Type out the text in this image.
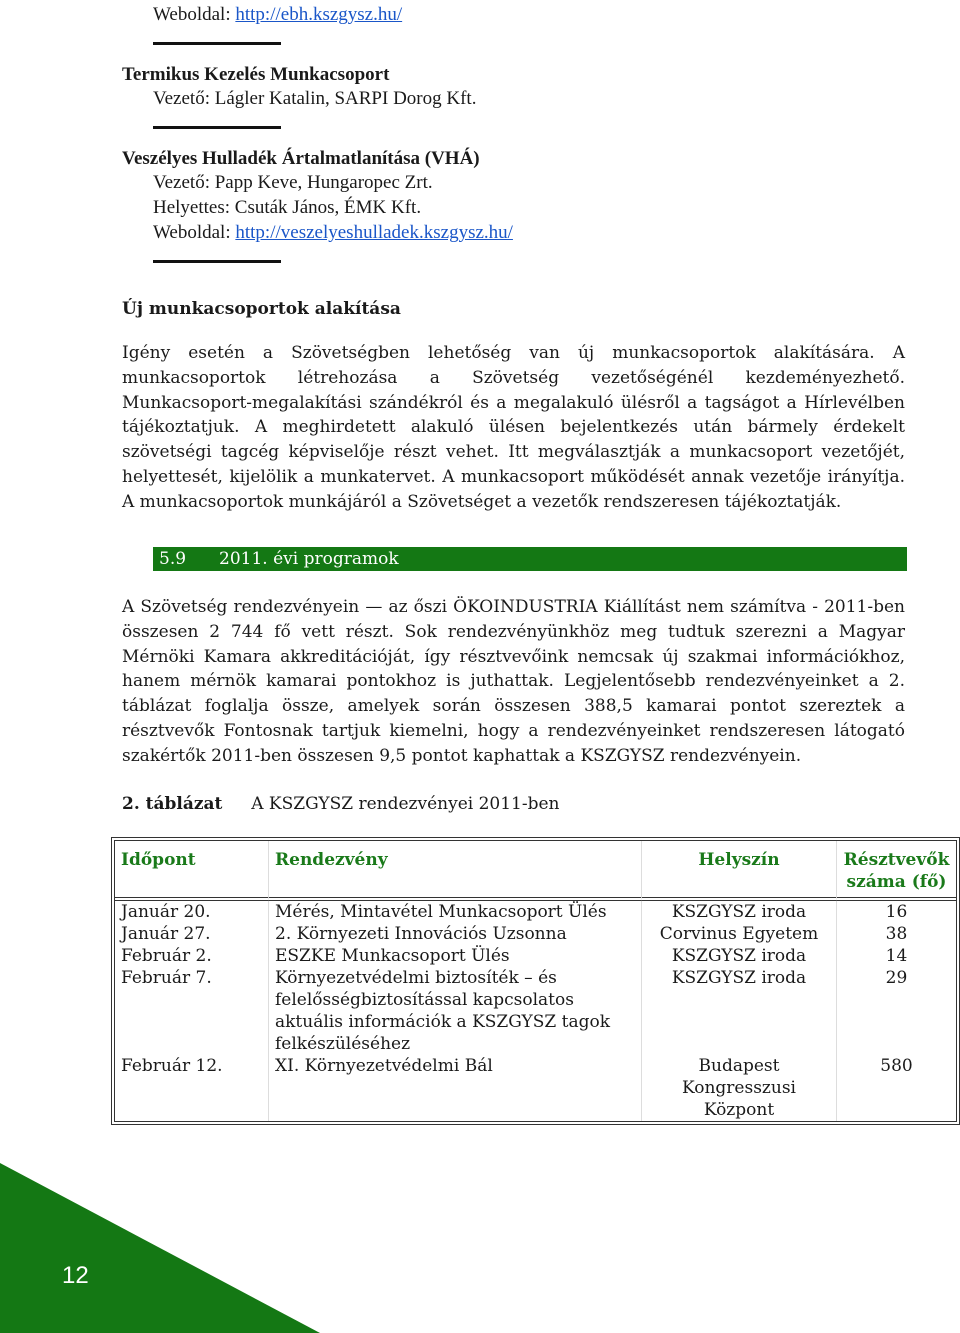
Weboldal: http://ebh.kszgysz.hu/
Termikus Kezelés Munkacsoport
Vezető: Lágler Katalin, SARPI Dorog Kft.
Veszélyes Hulladék Ártalmatlanítása (VHÁ)
Vezető: Papp Keve, Hungaropec Zrt.
Helyettes: Csuták János, ÉMK Kft.
Weboldal: http://veszelyeshulladek.kszgysz.hu/
Új munkacsoportok alakítása
Igény esetén a Szövetségben lehetőség van új munkacsoportok alakítására. A munkacsoportok létrehozása a Szövetség vezetőségénél kezdeményezhető. Munkacsoport-megalakítási szándékról és a megalakuló ülésről a tagságot a Hírlevélben tájékoztatjuk. A meghirdetett alakuló ülésen bejelentkezés után bármely érdekelt szövetségi tagcég képviselője részt vehet. Itt megválasztják a munkacsoport vezetőjét, helyettesét, kijelölik a munkatervet. A munkacsoport működését annak vezetője irányítja. A munkacsoportok munkájáról a Szövetséget a vezetők rendszeresen tájékoztatják.
5.9 2011. évi programok
A Szövetség rendezvényein — az őszi ÖKOINDUSTRIA Kiállítást nem számítva - 2011-ben összesen 2 744 fő vett részt. Sok rendezvényünkhöz meg tudtuk szerezni a Magyar Mérnöki Kamara akkreditációját, így résztvevőink nemcsak új szakmai információkhoz, hanem mérnök kamarai pontokhoz is juthattak. Legjelentősebb rendezvényeinket a 2. táblázat foglalja össze, amelyek során összesen 388,5 kamarai pontot szereztek a résztvevők Fontosnak tartjuk kiemelni, hogy a rendezvényeinket rendszeresen látogató szakértők 2011-ben összesen 9,5 pontot kaphattak a KSZGYSZ rendezvényein.
2. táblázat A KSZGYSZ rendezvényei 2011-ben
Időpont	Rendezvény	Helyszín	Résztvevők száma (fő)
Január 20.	Mérés, Mintavétel Munkacsoport Ülés	KSZGYSZ iroda	16
Január 27.	2. Környezeti Innovációs Uzsonna	Corvinus Egyetem	38
Február 2.	ESZKE Munkacsoport Ülés	KSZGYSZ iroda	14
Február 7.	Környezetvédelmi biztosíték – és felelősségbiztosítással kapcsolatos aktuális információk a KSZGYSZ tagok felkészüléséhez	KSZGYSZ iroda	29
Február 12.	XI. Környezetvédelmi Bál	Budapest Kongresszusi Központ	580
12
